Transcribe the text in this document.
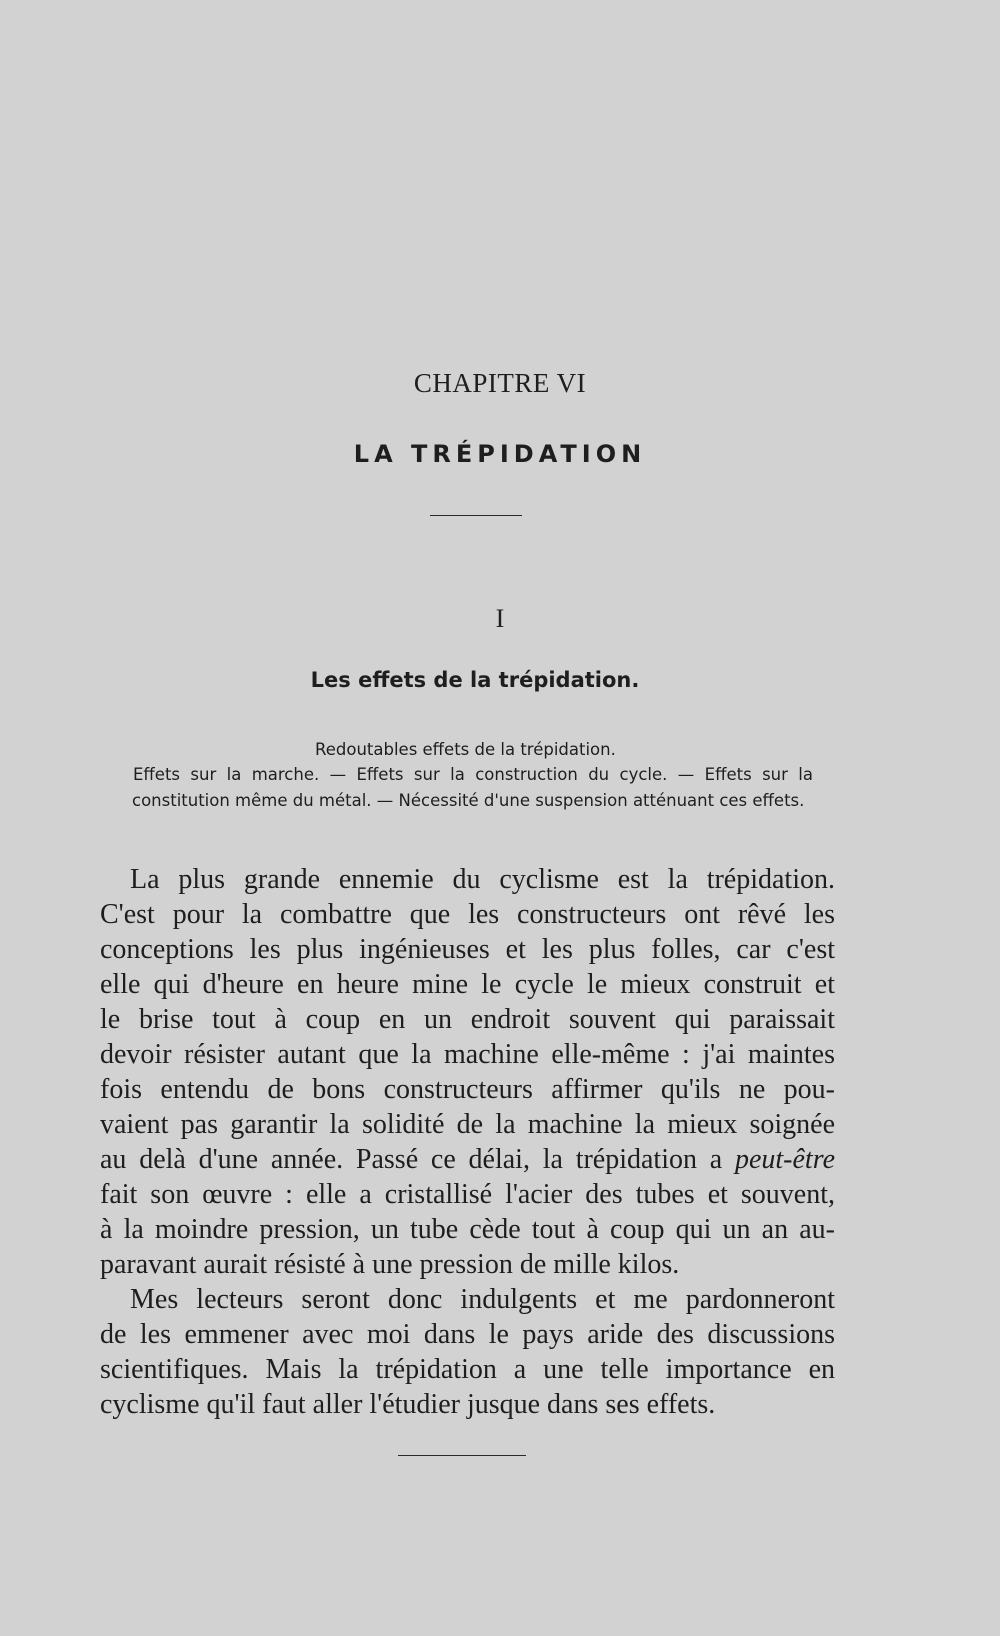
CHAPITRE VI
LA TRÉPIDATION
I
Les effets de la trépidation.
Redoutables effets de la trépidation.
Effets sur la marche. — Effets sur la construction du cycle. — Effets sur la
constitution même du métal. — Nécessité d'une suspension atténuant ces effets.
La plus grande ennemie du cyclisme est la trépidation.
C'est pour la combattre que les constructeurs ont rêvé les
conceptions les plus ingénieuses et les plus folles, car c'est
elle qui d'heure en heure mine le cycle le mieux construit et
le brise tout à coup en un endroit souvent qui paraissait
devoir résister autant que la machine elle-même : j'ai maintes
fois entendu de bons constructeurs affirmer qu'ils ne pou-
vaient pas garantir la solidité de la machine la mieux soignée
au delà d'une année. Passé ce délai, la trépidation a peut-être
fait son œuvre : elle a cristallisé l'acier des tubes et souvent,
à la moindre pression, un tube cède tout à coup qui un an au-
paravant aurait résisté à une pression de mille kilos.
Mes lecteurs seront donc indulgents et me pardonneront
de les emmener avec moi dans le pays aride des discussions
scientifiques. Mais la trépidation a une telle importance en
cyclisme qu'il faut aller l'étudier jusque dans ses effets.
